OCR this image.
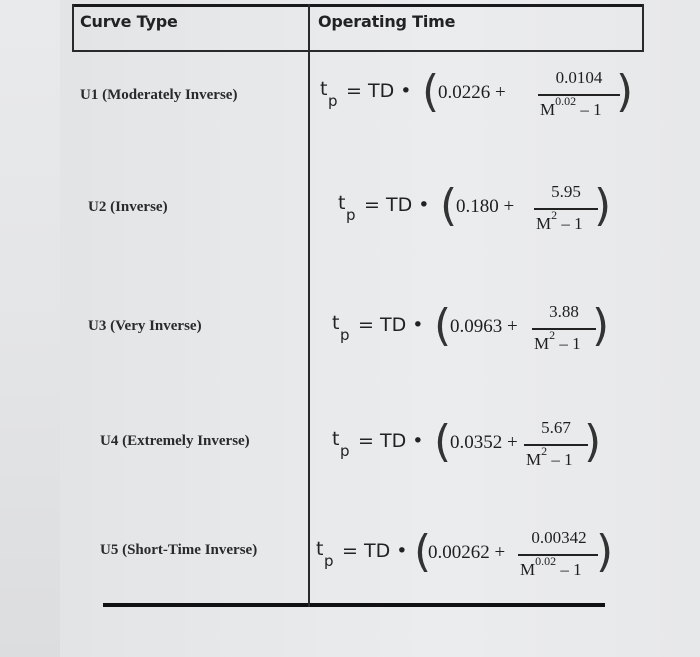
Curve Type	Operating Time
U1 (Moderately Inverse)	t
p = TD • (
0.0226 +
0.0104
$M^{0.02} - 1$ )
U2 (Inverse)	t
p = TD • (
0.180 +
5.95
$M^2 - 1$ )
U3 (Very Inverse)	t
p = TD • (
0.0963 +
3.88
$M^2 - 1$ )
U4 (Extremely Inverse)	t
p = TD • (
0.0352 +
5.67
$M^2 - 1$ )
U5 (Short-Time Inverse)	t
p = TD • (
0.00262 +
0.00342
$M^{0.02} - 1$ )
